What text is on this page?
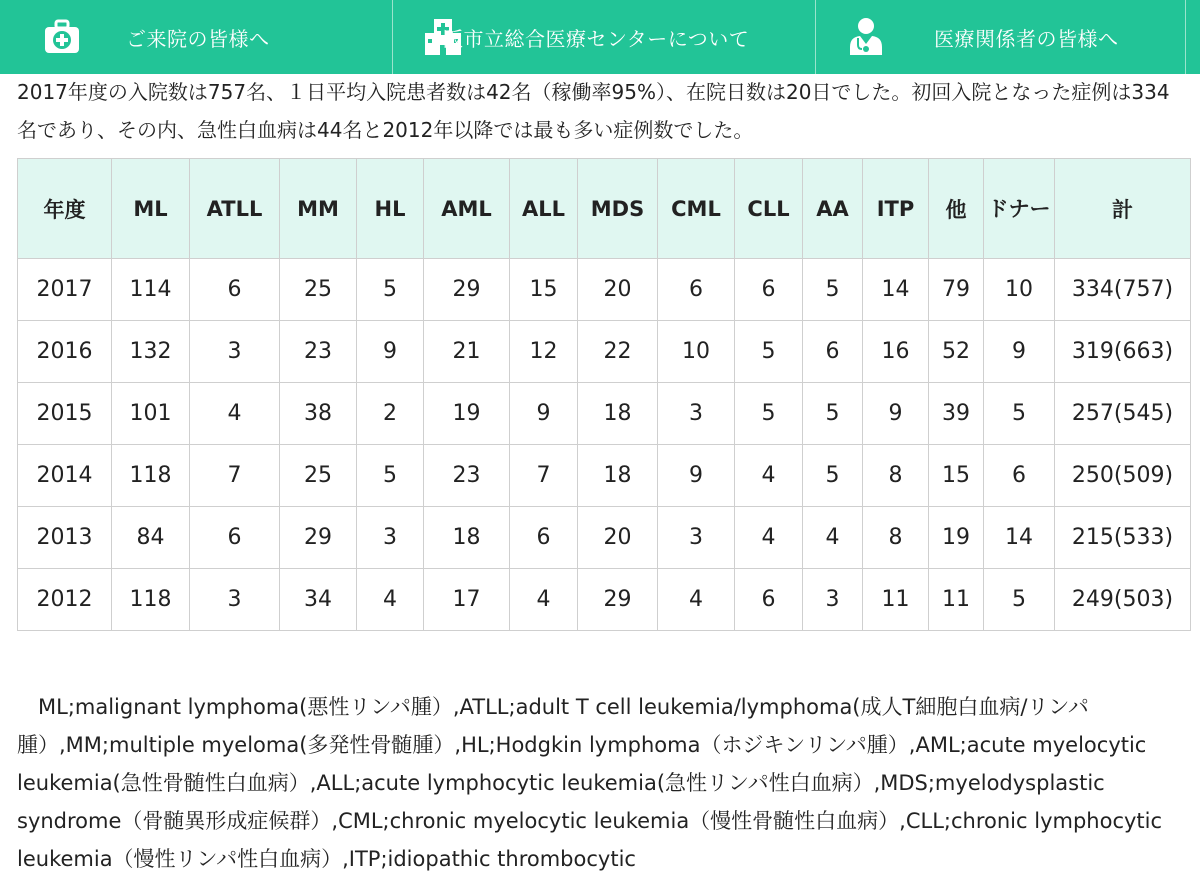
ご来院の皆様へ	阪市立総合医療センターについて	医療関係者の皆様へ

2017年度の入院数は757名、１日平均入院患者数は42名（稼働率95%）、在院日数は20日でした。初回入院となった症例は334名であり、その内、急性白血病は44名と2012年以降では最も多い症例数でした。

年度	ML	ATLL	MM	HL	AML	ALL	MDS	CML	CLL	AA	ITP	他	ドナー	計
2017	114	6	25	5	29	15	20	6	6	5	14	79	10	334(757)
2016	132	3	23	9	21	12	22	10	5	6	16	52	9	319(663)
2015	101	4	38	2	19	9	18	3	5	5	9	39	5	257(545)
2014	118	7	25	5	23	7	18	9	4	5	8	15	6	250(509)
2013	84	6	29	3	18	6	20	3	4	4	8	19	14	215(533)
2012	118	3	34	4	17	4	29	4	6	3	11	11	5	249(503)

ML;malignant lymphoma(悪性リンパ腫）,ATLL;adult T cell leukemia/lymphoma(成人T細胞白血病/リンパ腫）,MM;multiple myeloma(多発性骨髄腫）,HL;Hodgkin lymphoma（ホジキンリンパ腫）,AML;acute myelocytic leukemia(急性骨髄性白血病）,ALL;acute lymphocytic leukemia(急性リンパ性白血病）,MDS;myelodysplastic syndrome（骨髄異形成症候群）,CML;chronic myelocytic leukemia（慢性骨髄性白血病）,CLL;chronic lymphocytic leukemia（慢性リンパ性白血病）,ITP;idiopathic thrombocytic
